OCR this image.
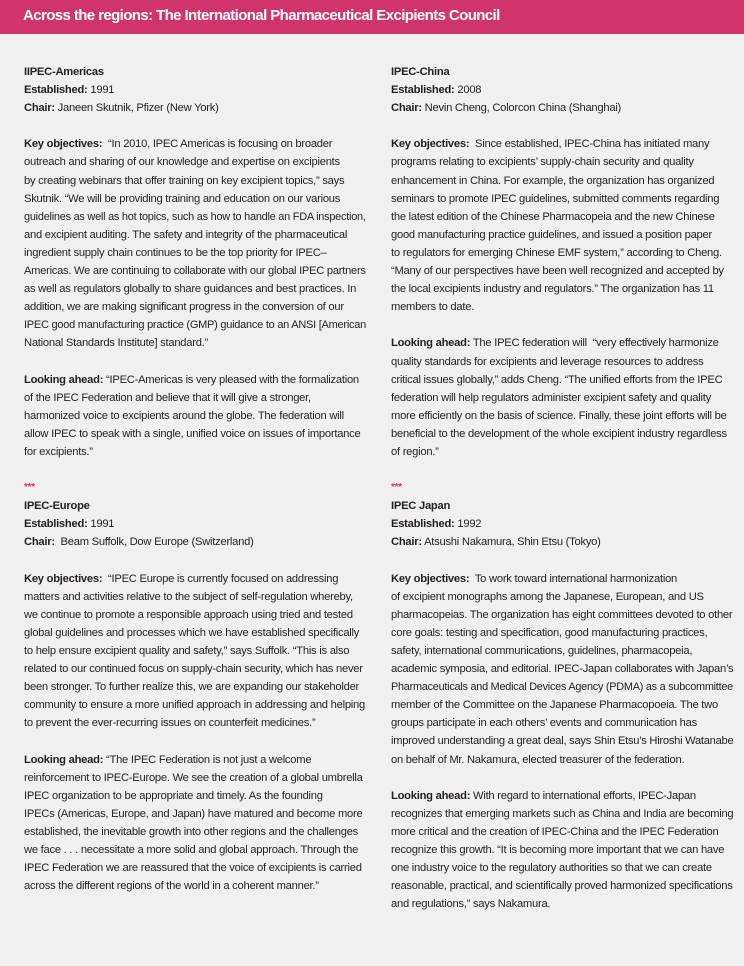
Across the regions: The International Pharmaceutical Excipients Council
IIPEC-Americas
Established: 1991
Chair: Janeen Skutnik, Pfizer (New York)
Key objectives:  “In 2010, IPEC Americas is focusing on broader
outreach and sharing of our knowledge and expertise on excipients
by creating webinars that offer training on key excipient topics,” says
Skutnik. “We will be providing training and education on our various
guidelines as well as hot topics, such as how to handle an FDA inspection,
and excipient auditing. The safety and integrity of the pharmaceutical
ingredient supply chain continues to be the top priority for IPEC–
Americas. We are continuing to collaborate with our global IPEC partners
as well as regulators globally to share guidances and best practices. In
addition, we are making significant progress in the conversion of our
IPEC good manufacturing practice (GMP) guidance to an ANSI [American
National Standards Institute] standard.”
Looking ahead: “IPEC-Americas is very pleased with the formalization
of the IPEC Federation and believe that it will give a stronger,
harmonized voice to excipients around the globe. The federation will
allow IPEC to speak with a single, unified voice on issues of importance
for excipients.”
***
IPEC-Europe
Established: 1991
Chair:  Beam Suffolk, Dow Europe (Switzerland)
Key objectives:  “IPEC Europe is currently focused on addressing
matters and activities relative to the subject of self-regulation whereby,
we continue to promote a responsible approach using tried and tested
global guidelines and processes which we have established specifically
to help ensure excipient quality and safety,” says Suffolk. “This is also
related to our continued focus on supply-chain security, which has never
been stronger. To further realize this, we are expanding our stakeholder
community to ensure a more unified approach in addressing and helping
to prevent the ever-recurring issues on counterfeit medicines.”
Looking ahead: “The IPEC Federation is not just a welcome
reinforcement to IPEC-Europe. We see the creation of a global umbrella
IPEC organization to be appropriate and timely. As the founding
IPECs (Americas, Europe, and Japan) have matured and become more
established, the inevitable growth into other regions and the challenges
we face . . . necessitate a more solid and global approach. Through the
IPEC Federation we are reassured that the voice of excipients is carried
across the different regions of the world in a coherent manner.”
IPEC-China
Established: 2008
Chair: Nevin Cheng, Colorcon China (Shanghai)
Key objectives:  Since established, IPEC-China has initiated many
programs relating to excipients’ supply-chain security and quality
enhancement in China. For example, the organization has organized
seminars to promote IPEC guidelines, submitted comments regarding
the latest edition of the Chinese Pharmacopeia and the new Chinese
good manufacturing practice guidelines, and issued a position paper
to regulators for emerging Chinese EMF system,” according to Cheng.
“Many of our perspectives have been well recognized and accepted by
the local excipients industry and regulators.” The organization has 11
members to date.
Looking ahead: The IPEC federation will  “very effectively harmonize
quality standards for excipients and leverage resources to address
critical issues globally,” adds Cheng. “The unified efforts from the IPEC
federation will help regulators administer excipient safety and quality
more efficiently on the basis of science. Finally, these joint efforts will be
beneficial to the development of the whole excipient industry regardless
of region.”
***
IPEC Japan
Established: 1992
Chair: Atsushi Nakamura, Shin Etsu (Tokyo)
Key objectives:  To work toward international harmonization
of excipient monographs among the Japanese, European, and US
pharmacopeias. The organization has eight committees devoted to other
core goals: testing and specification, good manufacturing practices,
safety, international communications, guidelines, pharmacopeia,
academic symposia, and editorial. IPEC-Japan collaborates with Japan’s
Pharmaceuticals and Medical Devices Agency (PDMA) as a subcommittee
member of the Committee on the Japanese Pharmacopoeia. The two
groups participate in each others’ events and communication has
improved understanding a great deal, says Shin Etsu’s Hiroshi Watanabe
on behalf of Mr. Nakamura, elected treasurer of the federation.
Looking ahead: With regard to international efforts, IPEC-Japan
recognizes that emerging markets such as China and India are becoming
more critical and the creation of IPEC-China and the IPEC Federation
recognize this growth. “It is becoming more important that we can have
one industry voice to the regulatory authorities so that we can create
reasonable, practical, and scientifically proved harmonized specifications
and regulations,” says Nakamura.
